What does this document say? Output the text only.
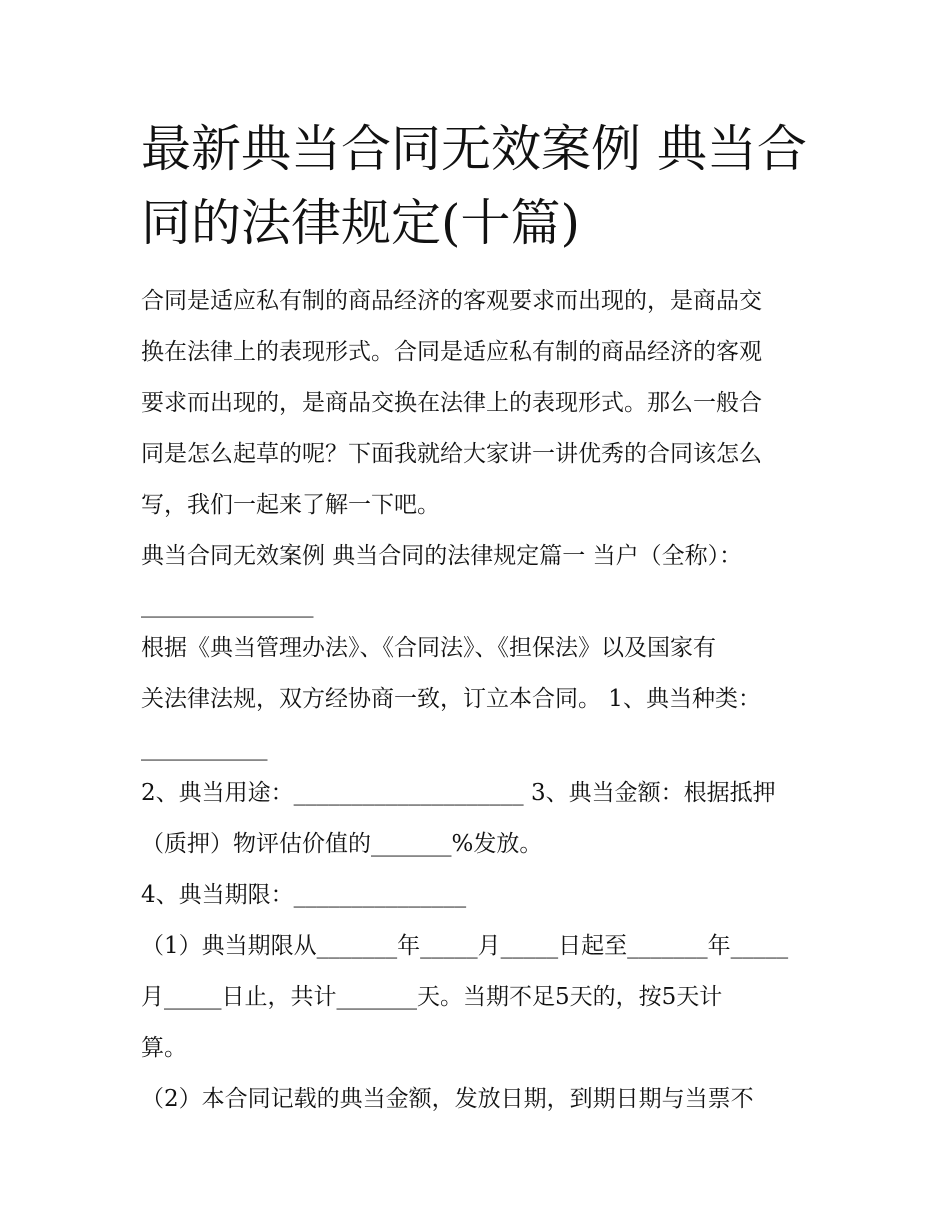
最新典当合同无效案例 典当合
同的法律规定(十篇)

合同是适应私有制的商品经济的客观要求而出现的，是商品交

换在法律上的表现形式。合同是适应私有制的商品经济的客观

要求而出现的，是商品交换在法律上的表现形式。那么一般合

同是怎么起草的呢？下面我就给大家讲一讲优秀的合同该怎么

写，我们一起来了解一下吧。

典当合同无效案例 典当合同的法律规定篇一 当户（全称）：

_______________

根据《典当管理办法》、《合同法》、《担保法》以及国家有

关法律法规，双方经协商一致，订立本合同。 1、典当种类：

___________

2、典当用途：____________________ 3、典当金额：根据抵押

（质押）物评估价值的_______%发放。

4、典当期限：_______________

（1）典当期限从_______年_____月_____日起至_______年_____

月_____日止，共计_______天。当期不足5天的，按5天计

算。

（2）本合同记载的典当金额，发放日期，到期日期与当票不
